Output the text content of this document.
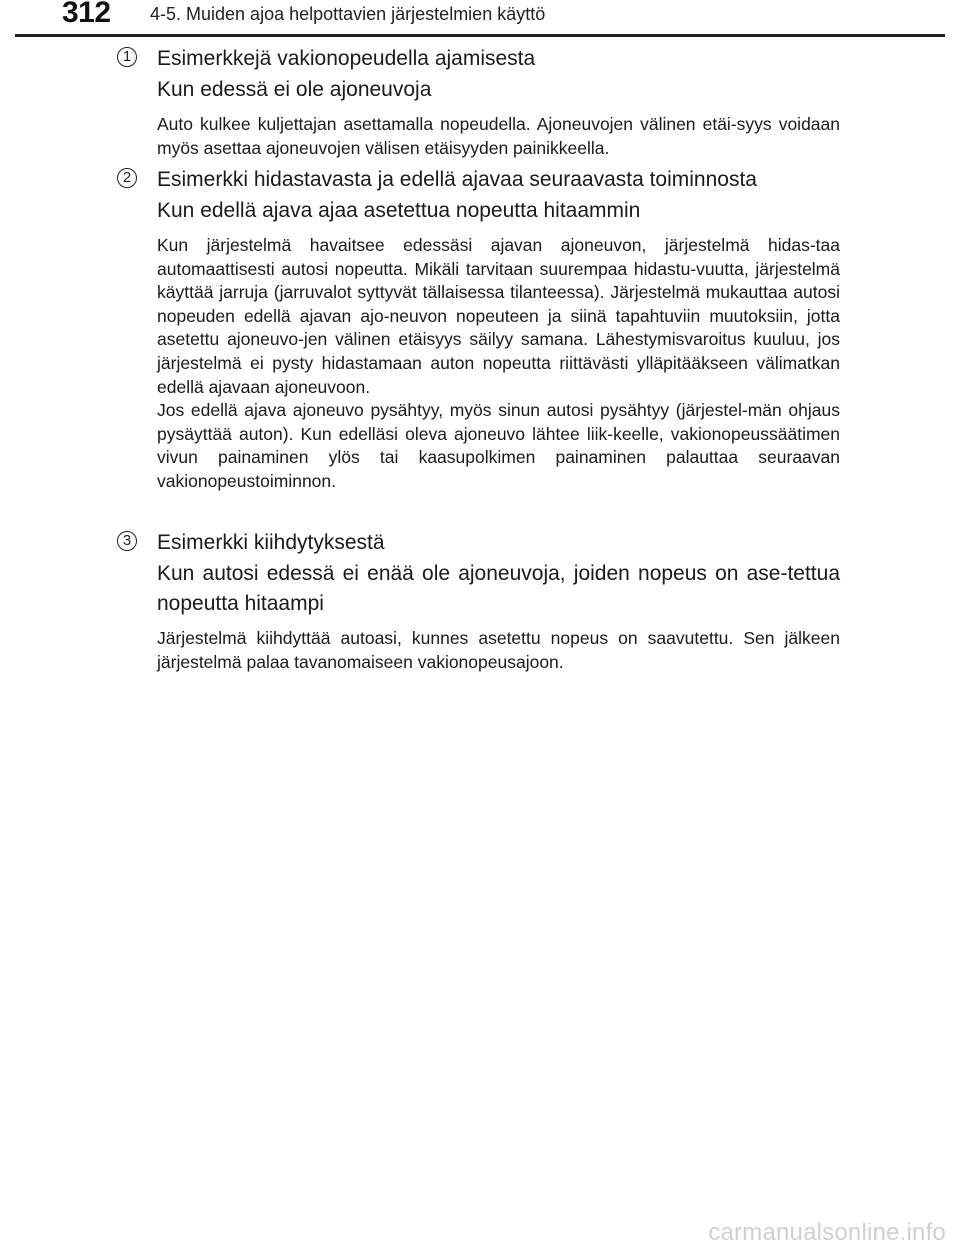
312 4-5. Muiden ajoa helpottavien järjestelmien käyttö
1 Esimerkkejä vakionopeudella ajamisesta
Kun edessä ei ole ajoneuvoja

Auto kulkee kuljettajan asettamalla nopeudella. Ajoneuvojen välinen etäi-syys voidaan myös asettaa ajoneuvojen välisen etäisyyden painikkeella.

2 Esimerkki hidastavasta ja edellä ajavaa seuraavasta toiminnosta
Kun edellä ajava ajaa asetettua nopeutta hitaammin

Kun järjestelmä havaitsee edessäsi ajavan ajoneuvon, järjestelmä hidas-taa automaattisesti autosi nopeutta. Mikäli tarvitaan suurempaa hidastu-vuutta, järjestelmä käyttää jarruja (jarruvalot syttyvät tällaisessa tilanteessa). Järjestelmä mukauttaa autosi nopeuden edellä ajavan ajo-neuvon nopeuteen ja siinä tapahtuviin muutoksiin, jotta asetettu ajoneuvo-jen välinen etäisyys säilyy samana. Lähestymisvaroitus kuuluu, jos järjestelmä ei pysty hidastamaan auton nopeutta riittävästi ylläpitääkseen välimatkan edellä ajavaan ajoneuvoon.

Jos edellä ajava ajoneuvo pysähtyy, myös sinun autosi pysähtyy (järjestel-män ohjaus pysäyttää auton). Kun edelläsi oleva ajoneuvo lähtee liik-keelle, vakionopeussäätimen vivun painaminen ylös tai kaasupolkimen painaminen palauttaa seuraavan vakionopeustoiminnon.

3 Esimerkki kiihdytyksestä
Kun autosi edessä ei enää ole ajoneuvoja, joiden nopeus on ase-tettua nopeutta hitaampi

Järjestelmä kiihdyttää autoasi, kunnes asetettu nopeus on saavutettu. Sen jälkeen järjestelmä palaa tavanomaiseen vakionopeusajoon.

carmanualsonline.info
